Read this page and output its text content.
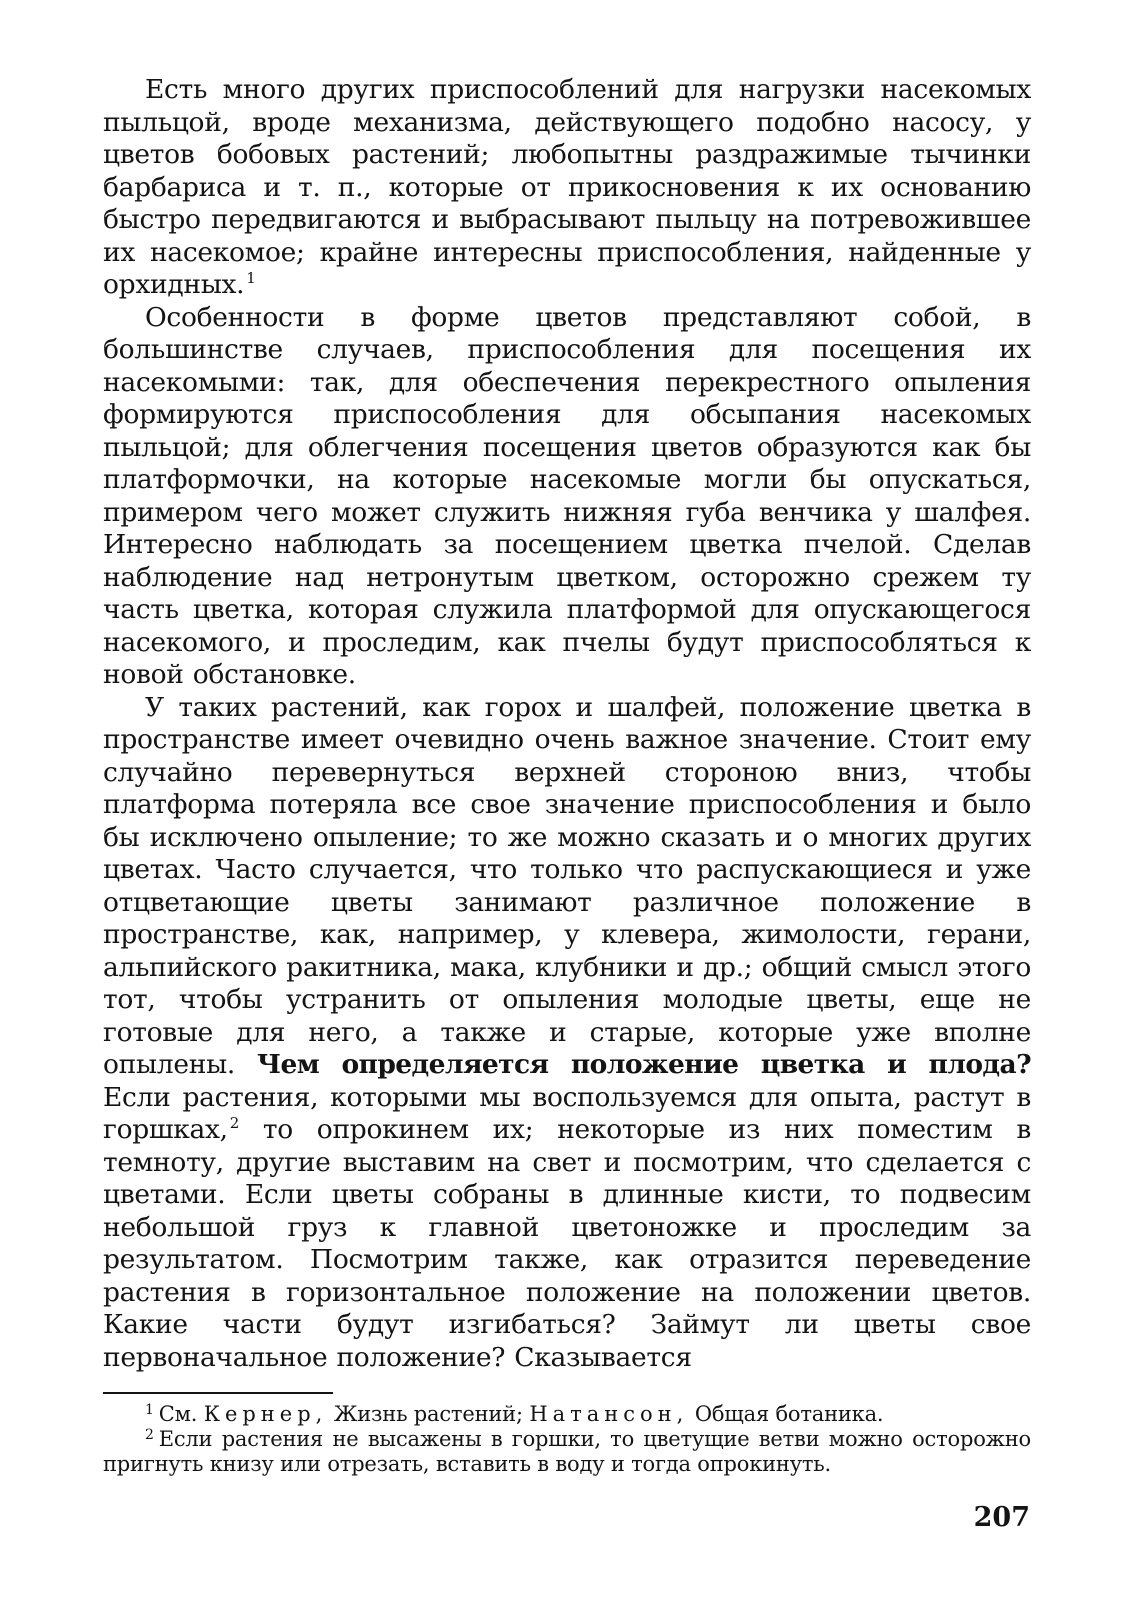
Есть много других приспособлений для нагрузки насекомых пыльцой, вроде механизма, действующего подобно насосу, у цветов бобовых растений; любопытны раздражимые тычинки барбариса и т. п., которые от прикосновения к их основанию быстро передвигаются и выбрасывают пыльцу на потревожившее их насекомое; крайне интересны приспособления, найденные у орхидных. $^1$

Особенности в форме цветов представляют собой, в большинстве случаев, приспособления для посещения их насекомыми: так, для обеспечения перекрестного опыления формируются приспособления для обсыпания насекомых пыльцой; для облегчения посещения цветов образуются как бы платформочки, на которые насекомые могли бы опускаться, примером чего может служить нижняя губа венчика у шалфея. Интересно наблюдать за посещением цветка пчелой. Сделав наблюдение над нетронутым цветком, осторожно срежем ту часть цветка, которая служила платформой для опускающегося насекомого, и проследим, как пчелы будут приспособляться к новой обстановке.

У таких растений, как горох и шалфей, положение цветка в пространстве имеет очевидно очень важное значение. Стоит ему случайно перевернуться верхней стороною вниз, чтобы платформа потеряла все свое значение приспособления и было бы исключено опыление; то же можно сказать и о многих других цветах. Часто случается, что только что распускающиеся и уже отцветающие цветы занимают различное положение в пространстве, как, например, у клевера, жимолости, герани, альпийского ракитника, мака, клубники и др.; общий смысл этого тот, чтобы устранить от опыления молодые цветы, еще не готовые для него, а также и старые, которые уже вполне опылены. Чем определяется положение цветка и плода? Если растения, которыми мы воспользуемся для опыта, растут в горшках, $^2$ то опрокинем их; некоторые из них поместим в темноту, другие выставим на свет и посмотрим, что сделается с цветами. Если цветы собраны в длинные кисти, то подвесим небольшой груз к главной цветоножке и проследим за результатом. Посмотрим также, как отразится переведение растения в горизонтальное положение на положении цветов. Какие части будут изгибаться? Займут ли цветы свое первоначальное положение? Сказывается

$^1$ См. Кернер, Жизнь растений; Натансон, Общая ботаника.

$^2$ Если растения не высажены в горшки, то цветущие ветви можно осторожно пригнуть книзу или отрезать, вставить в воду и тогда опрокинуть.

207
